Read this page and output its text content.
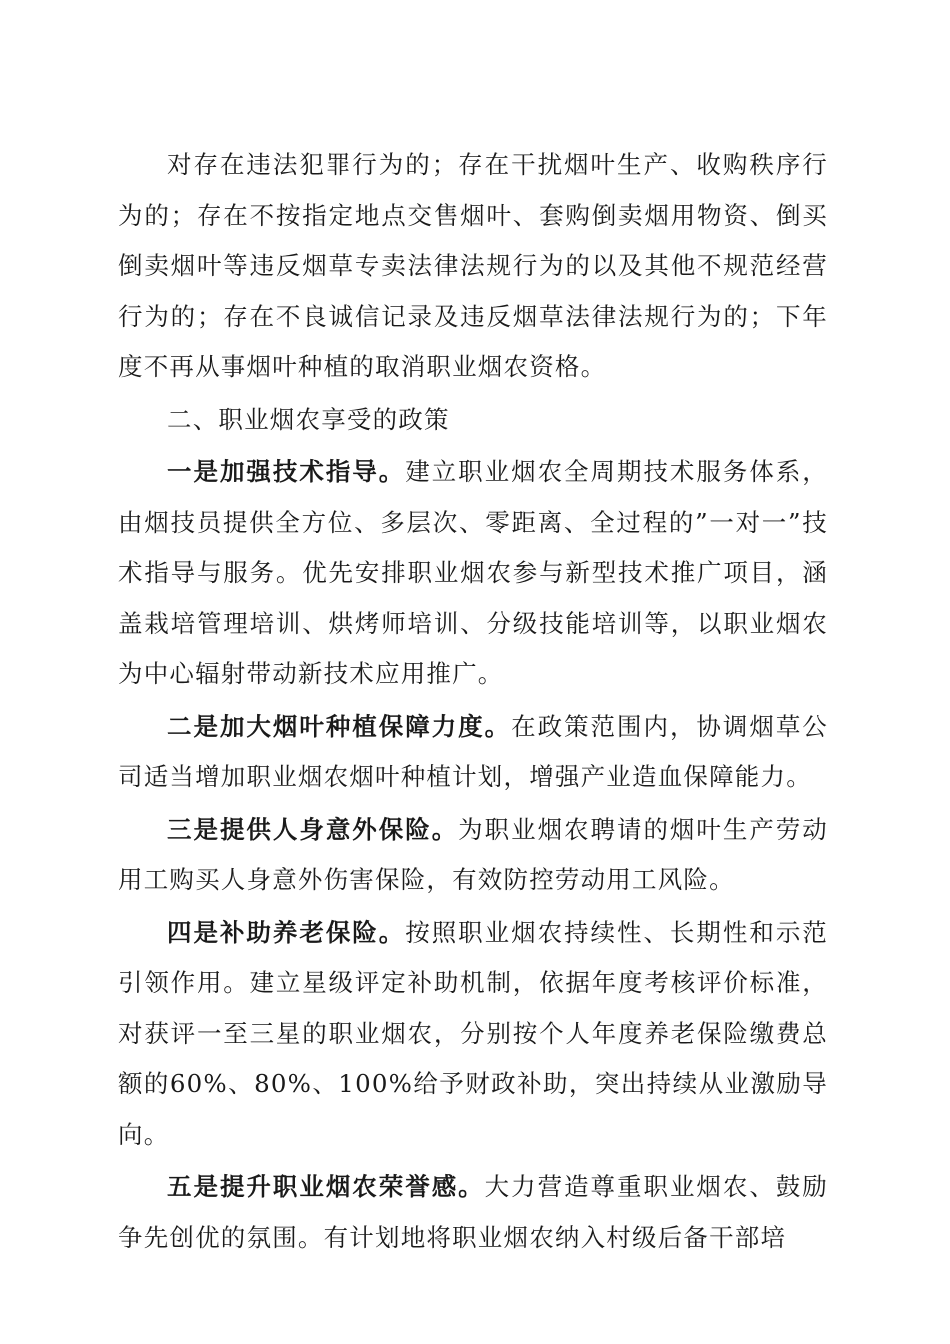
对存在违法犯罪行为的；存在干扰烟叶生产、收购秩序行为的；存在不按指定地点交售烟叶、套购倒卖烟用物资、倒买倒卖烟叶等违反烟草专卖法律法规行为的以及其他不规范经营行为的；存在不良诚信记录及违反烟草法律法规行为的；下年度不再从事烟叶种植的取消职业烟农资格。

二、职业烟农享受的政策

一是加强技术指导。建立职业烟农全周期技术服务体系，由烟技员提供全方位、多层次、零距离、全过程的”一对一”技术指导与服务。优先安排职业烟农参与新型技术推广项目，涵盖栽培管理培训、烘烤师培训、分级技能培训等，以职业烟农为中心辐射带动新技术应用推广。

二是加大烟叶种植保障力度。在政策范围内，协调烟草公司适当增加职业烟农烟叶种植计划，增强产业造血保障能力。

三是提供人身意外保险。为职业烟农聘请的烟叶生产劳动用工购买人身意外伤害保险，有效防控劳动用工风险。

四是补助养老保险。按照职业烟农持续性、长期性和示范引领作用。建立星级评定补助机制，依据年度考核评价标准，对获评一至三星的职业烟农，分别按个人年度养老保险缴费总额的60%、80%、100%给予财政补助，突出持续从业激励导向。

五是提升职业烟农荣誉感。大力营造尊重职业烟农、鼓励争先创优的氛围。有计划地将职业烟农纳入村级后备干部培
